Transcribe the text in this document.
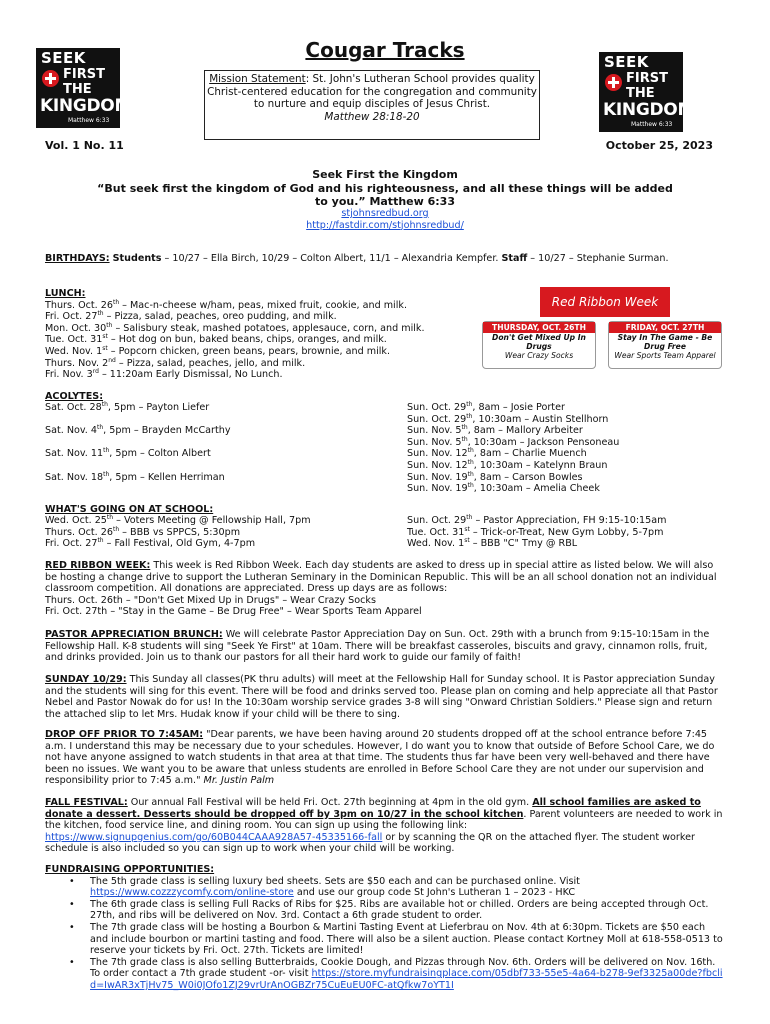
SEEK
FIRST
THE
KINGDOM
Matthew 6:33
SEEK
FIRST
THE
KINGDOM
Matthew 6:33
Cougar Tracks
Mission Statement: St. John's Lutheran School provides quality Christ-centered education for the congregation and community to nurture and equip disciples of Jesus Christ.
Matthew 28:18-20
Vol. 1 No. 11	October 25, 2023
Seek First the Kingdom
“But seek first the kingdom of God and his righteousness, and all these things will be added to you.” Matthew 6:33
stjohnsredbud.org
http://fastdir.com/stjohnsredbud/
BIRTHDAYS: Students – 10/27 – Ella Birch, 10/29 – Colton Albert, 11/1 – Alexandria Kempfer. Staff – 10/27 – Stephanie Surman.
LUNCH:
Thurs. Oct. 26th – Mac-n-cheese w/ham, peas, mixed fruit, cookie, and milk.
Fri. Oct. 27th – Pizza, salad, peaches, oreo pudding, and milk.
Mon. Oct. 30th – Salisbury steak, mashed potatoes, applesauce, corn, and milk.
Tue. Oct. 31st – Hot dog on bun, baked beans, chips, oranges, and milk.
Wed. Nov. 1st – Popcorn chicken, green beans, pears, brownie, and milk.
Thurs. Nov. 2nd – Pizza, salad, peaches, jello, and milk.
Fri. Nov. 3rd – 11:20am Early Dismissal, No Lunch.
Red Ribbon Week
THURSDAY, OCT. 26TH
Don't Get Mixed Up In Drugs
Wear Crazy Socks
FRIDAY, OCT. 27TH
Stay In The Game - Be Drug Free
Wear Sports Team Apparel
ACOLYTES:
Sat. Oct. 28th, 5pm – Payton Liefer
Sat. Nov. 4th, 5pm – Brayden McCarthy
Sat. Nov. 11th, 5pm – Colton Albert
Sat. Nov. 18th, 5pm – Kellen Herriman
Sun. Oct. 29th, 8am – Josie Porter
Sun. Oct. 29th, 10:30am – Austin Stellhorn
Sun. Nov. 5th, 8am – Mallory Arbeiter
Sun. Nov. 5th, 10:30am – Jackson Pensoneau
Sun. Nov. 12th, 8am – Charlie Muench
Sun. Nov. 12th, 10:30am – Katelynn Braun
Sun. Nov. 19th, 8am – Carson Bowles
Sun. Nov. 19th, 10:30am – Amelia Cheek
WHAT'S GOING ON AT SCHOOL:
Wed. Oct. 25th – Voters Meeting @ Fellowship Hall, 7pm
Thurs. Oct. 26th – BBB vs SPPCS, 5:30pm
Fri. Oct. 27th – Fall Festival, Old Gym, 4-7pm
Sun. Oct. 29th – Pastor Appreciation, FH 9:15-10:15am
Tue. Oct. 31st – Trick-or-Treat, New Gym Lobby, 5-7pm
Wed. Nov. 1st – BBB "C" Tmy @ RBL
RED RIBBON WEEK: This week is Red Ribbon Week. Each day students are asked to dress up in special attire as listed below. We will also be hosting a change drive to support the Lutheran Seminary in the Dominican Republic. This will be an all school donation not an individual classroom competition. All donations are appreciated. Dress up days are as follows:
Thurs. Oct. 26th – "Don't Get Mixed Up in Drugs" – Wear Crazy Socks
Fri. Oct. 27th – "Stay in the Game – Be Drug Free" – Wear Sports Team Apparel
PASTOR APPRECIATION BRUNCH: We will celebrate Pastor Appreciation Day on Sun. Oct. 29th with a brunch from 9:15-10:15am in the Fellowship Hall. K-8 students will sing "Seek Ye First" at 10am. There will be breakfast casseroles, biscuits and gravy, cinnamon rolls, fruit, and drinks provided. Join us to thank our pastors for all their hard work to guide our family of faith!
SUNDAY 10/29: This Sunday all classes(PK thru adults) will meet at the Fellowship Hall for Sunday school. It is Pastor appreciation Sunday and the students will sing for this event. There will be food and drinks served too. Please plan on coming and help appreciate all that Pastor Nebel and Pastor Nowak do for us! In the 10:30am worship service grades 3-8 will sing "Onward Christian Soldiers." Please sign and return the attached slip to let Mrs. Hudak know if your child will be there to sing.
DROP OFF PRIOR TO 7:45AM: "Dear parents, we have been having around 20 students dropped off at the school entrance before 7:45 a.m. I understand this may be necessary due to your schedules. However, I do want you to know that outside of Before School Care, we do not have anyone assigned to watch students in that area at that time. The students thus far have been very well-behaved and there have been no issues. We want you to be aware that unless students are enrolled in Before School Care they are not under our supervision and responsibility prior to 7:45 a.m." Mr. Justin Palm
FALL FESTIVAL: Our annual Fall Festival will be held Fri. Oct. 27th beginning at 4pm in the old gym. All school families are asked to donate a dessert. Desserts should be dropped off by 3pm on 10/27 in the school kitchen. Parent volunteers are needed to work in the kitchen, food service line, and dining room. You can sign up using the following link: https://www.signupgenius.com/go/60B044CAAA928A57-45335166-fall or by scanning the QR on the attached flyer. The student worker schedule is also included so you can sign up to work when your child will be working.
FUNDRAISING OPPORTUNITIES:
• The 5th grade class is selling luxury bed sheets. Sets are $50 each and can be purchased online. Visit https://www.cozzzycomfy.com/online-store and use our group code St John's Lutheran 1 – 2023 - HKC
• The 6th grade class is selling Full Racks of Ribs for $25. Ribs are available hot or chilled. Orders are being accepted through Oct. 27th, and ribs will be delivered on Nov. 3rd. Contact a 6th grade student to order.
• The 7th grade class will be hosting a Bourbon & Martini Tasting Event at Lieferbrau on Nov. 4th at 6:30pm. Tickets are $50 each and include bourbon or martini tasting and food. There will also be a silent auction. Please contact Kortney Moll at 618-558-0513 to reserve your tickets by Fri. Oct. 27th. Tickets are limited!
• The 7th grade class is also selling Butterbraids, Cookie Dough, and Pizzas through Nov. 6th. Orders will be delivered on Nov. 16th. To order contact a 7th grade student -or- visit https://store.myfundraisingplace.com/05dbf733-55e5-4a64-b278-9ef3325a00de?fbclid=IwAR3xTjHv75_W0i0JOfo1ZJ29vrUrAnOGBZr75CuEuEU0FC-atQfkw7oYT1I
